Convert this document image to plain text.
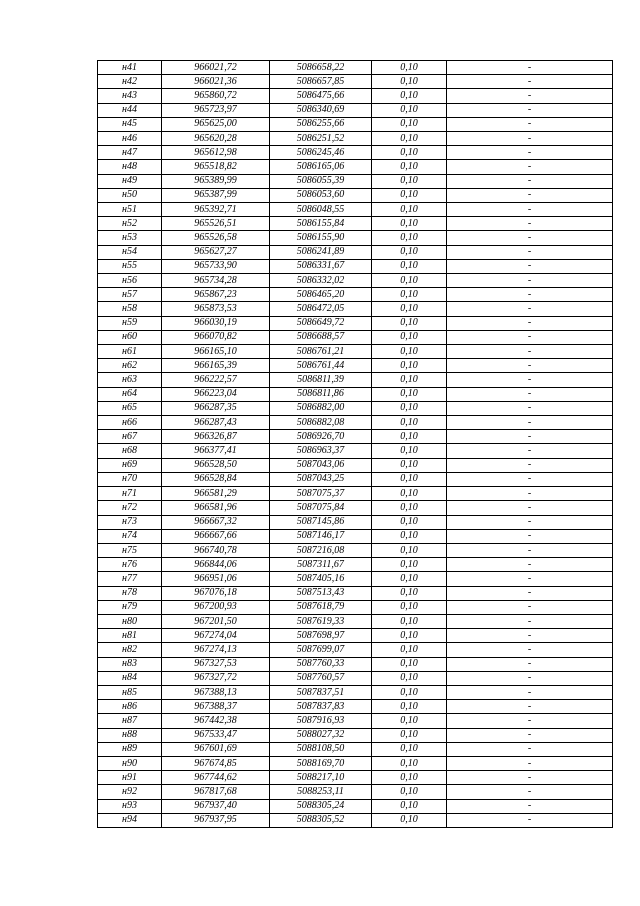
н41	966021,72	5086658,22	0,10	-
н42	966021,36	5086657,85	0,10	-
н43	965860,72	5086475,66	0,10	-
н44	965723,97	5086340,69	0,10	-
н45	965625,00	5086255,66	0,10	-
н46	965620,28	5086251,52	0,10	-
н47	965612,98	5086245,46	0,10	-
н48	965518,82	5086165,06	0,10	-
н49	965389,99	5086055,39	0,10	-
н50	965387,99	5086053,60	0,10	-
н51	965392,71	5086048,55	0,10	-
н52	965526,51	5086155,84	0,10	-
н53	965526,58	5086155,90	0,10	-
н54	965627,27	5086241,89	0,10	-
н55	965733,90	5086331,67	0,10	-
н56	965734,28	5086332,02	0,10	-
н57	965867,23	5086465,20	0,10	-
н58	965873,53	5086472,05	0,10	-
н59	966030,19	5086649,72	0,10	-
н60	966070,82	5086688,57	0,10	-
н61	966165,10	5086761,21	0,10	-
н62	966165,39	5086761,44	0,10	-
н63	966222,57	5086811,39	0,10	-
н64	966223,04	5086811,86	0,10	-
н65	966287,35	5086882,00	0,10	-
н66	966287,43	5086882,08	0,10	-
н67	966326,87	5086926,70	0,10	-
н68	966377,41	5086963,37	0,10	-
н69	966528,50	5087043,06	0,10	-
н70	966528,84	5087043,25	0,10	-
н71	966581,29	5087075,37	0,10	-
н72	966581,96	5087075,84	0,10	-
н73	966667,32	5087145,86	0,10	-
н74	966667,66	5087146,17	0,10	-
н75	966740,78	5087216,08	0,10	-
н76	966844,06	5087311,67	0,10	-
н77	966951,06	5087405,16	0,10	-
н78	967076,18	5087513,43	0,10	-
н79	967200,93	5087618,79	0,10	-
н80	967201,50	5087619,33	0,10	-
н81	967274,04	5087698,97	0,10	-
н82	967274,13	5087699,07	0,10	-
н83	967327,53	5087760,33	0,10	-
н84	967327,72	5087760,57	0,10	-
н85	967388,13	5087837,51	0,10	-
н86	967388,37	5087837,83	0,10	-
н87	967442,38	5087916,93	0,10	-
н88	967533,47	5088027,32	0,10	-
н89	967601,69	5088108,50	0,10	-
н90	967674,85	5088169,70	0,10	-
н91	967744,62	5088217,10	0,10	-
н92	967817,68	5088253,11	0,10	-
н93	967937,40	5088305,24	0,10	-
н94	967937,95	5088305,52	0,10	-
